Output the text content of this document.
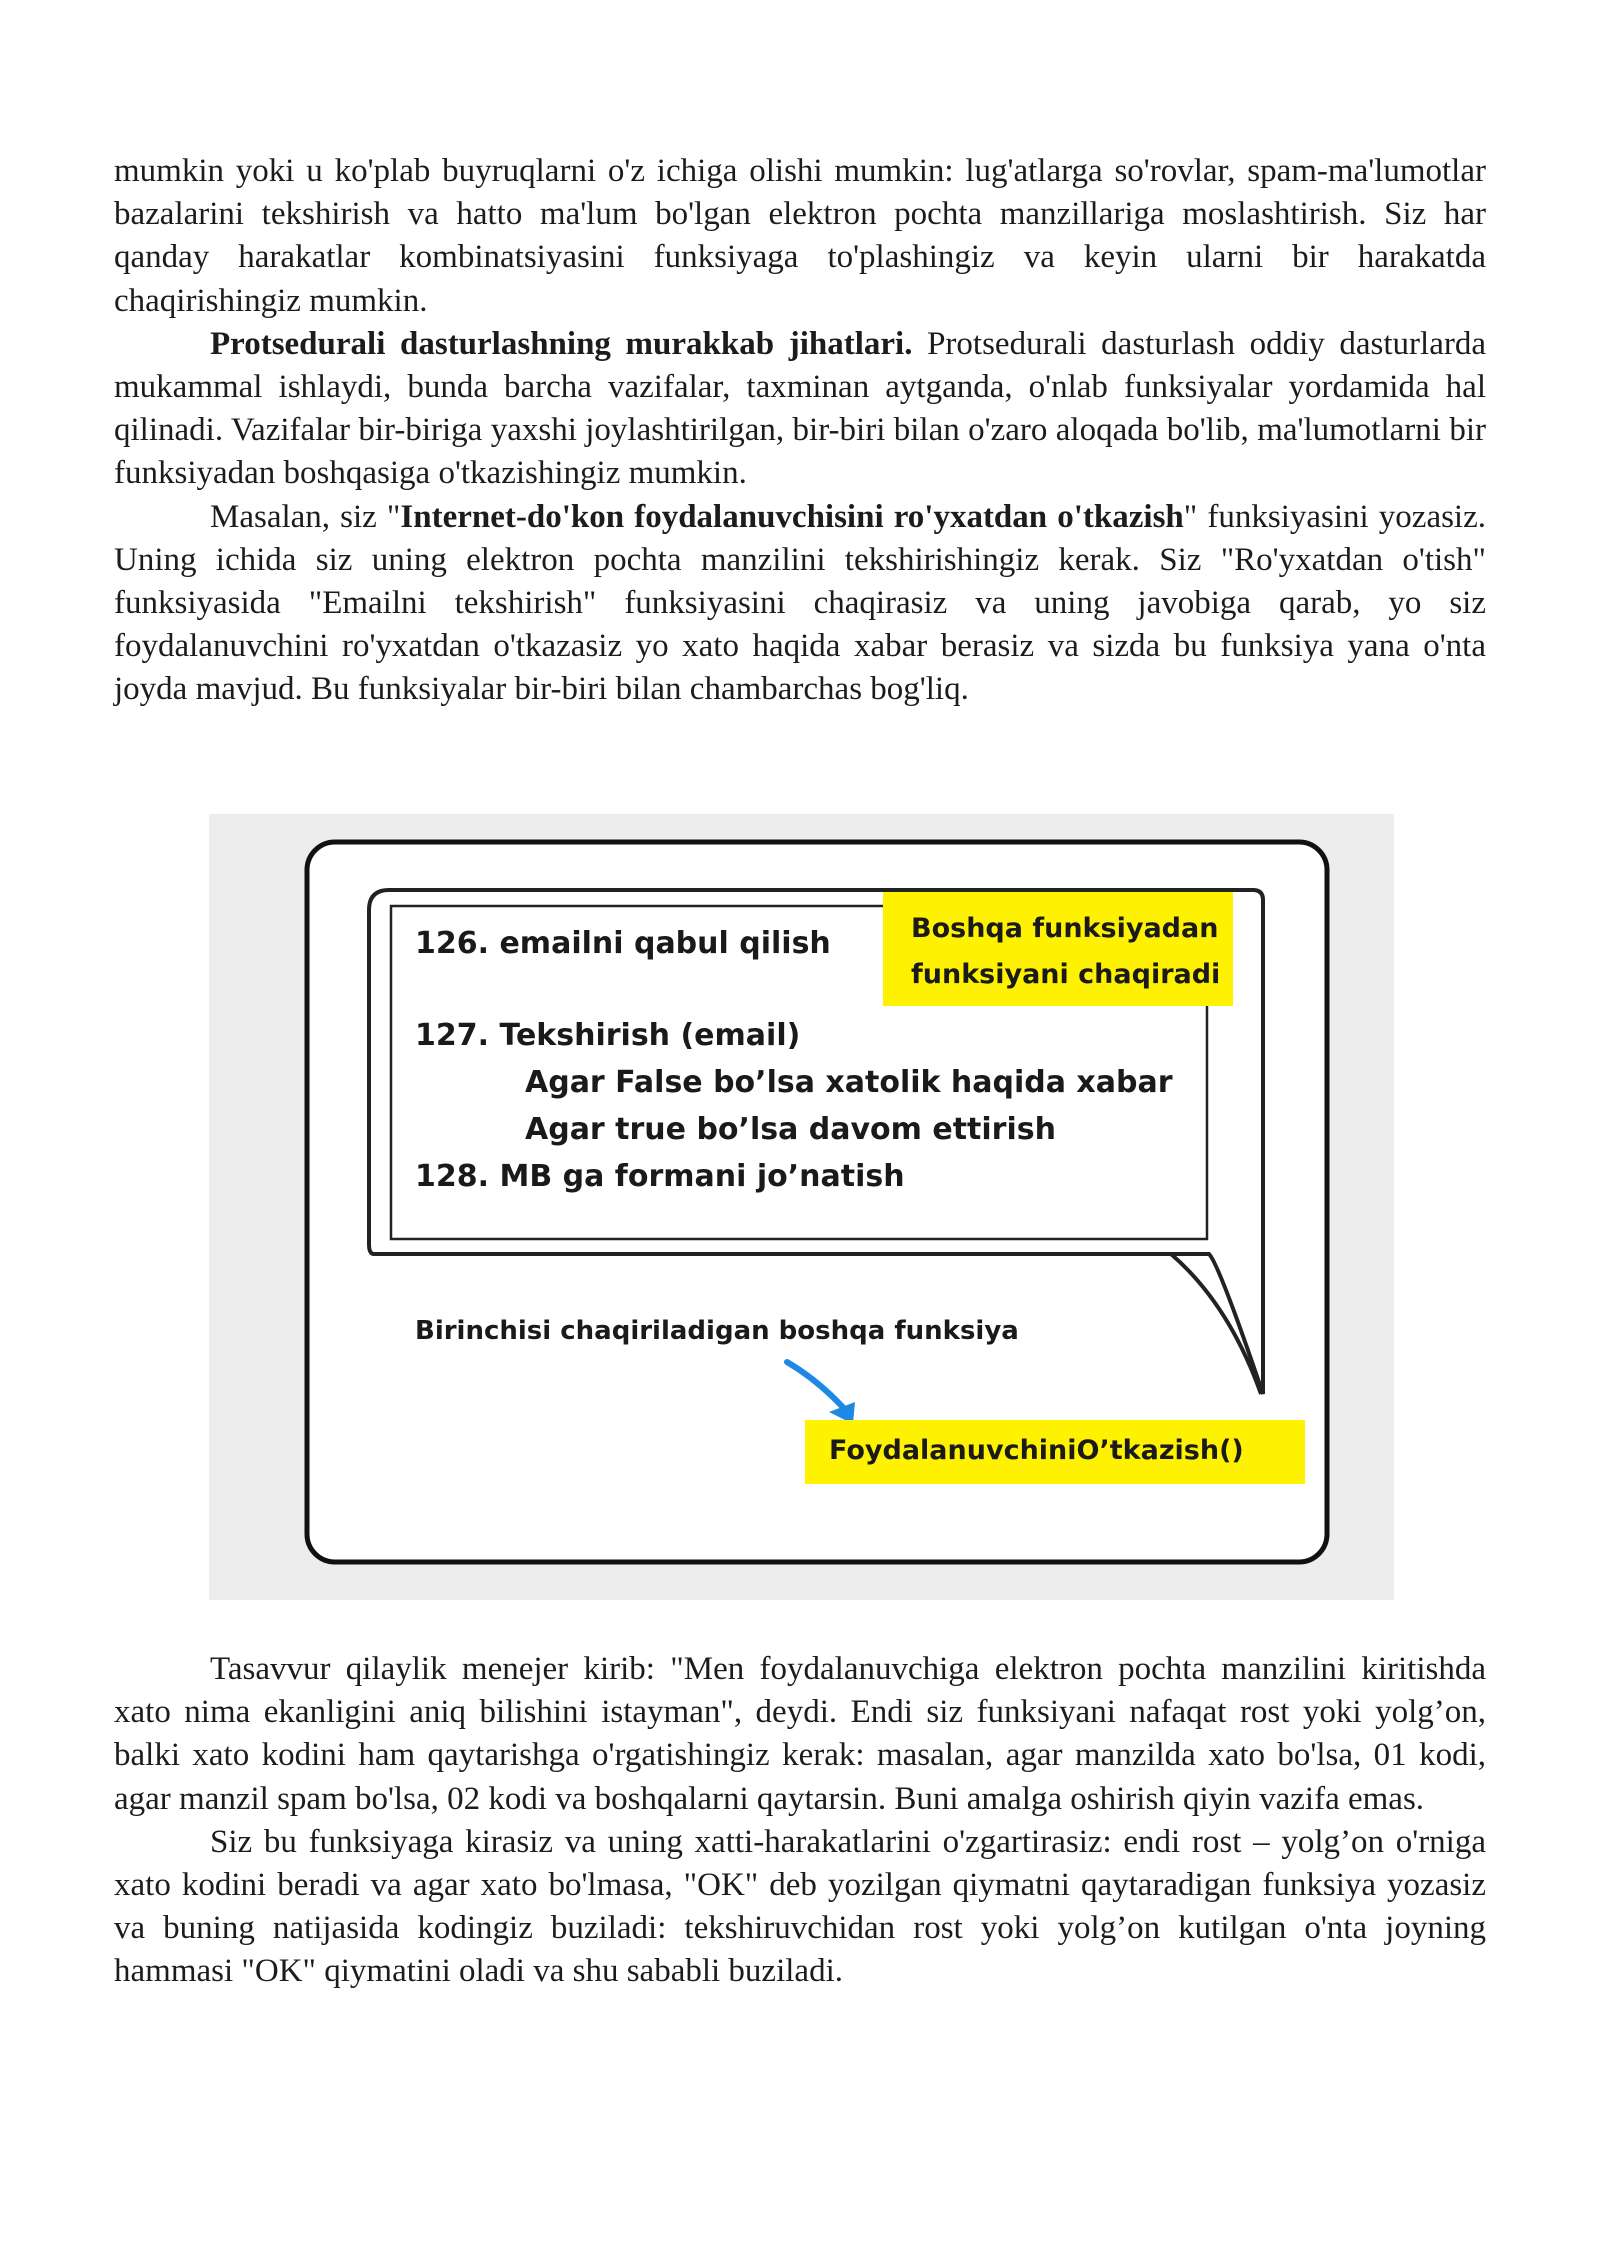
mumkin yoki u ko'plab buyruqlarni o'z ichiga olishi mumkin: lug'atlarga so'rovlar, spam-ma'lumotlar bazalarini tekshirish va hatto ma'lum bo'lgan elektron pochta manzillariga moslashtirish. Siz har qanday harakatlar kombinatsiyasini funksiyaga to'plashingiz va keyin ularni bir harakatda chaqirishingiz mumkin.

Protsedurali dasturlashning murakkab jihatlari. Protsedurali dasturlash oddiy dasturlarda mukammal ishlaydi, bunda barcha vazifalar, taxminan aytganda, o'nlab funksiyalar yordamida hal qilinadi. Vazifalar bir-biriga yaxshi joylashtirilgan, bir-biri bilan o'zaro aloqada bo'lib, ma'lumotlarni bir funksiyadan boshqasiga o'tkazishingiz mumkin.

Masalan, siz "Internet-do'kon foydalanuvchisini ro'yxatdan o'tkazish" funksiyasini yozasiz. Uning ichida siz uning elektron pochta manzilini tekshirishingiz kerak. Siz "Ro'yxatdan o'tish" funksiyasida "Emailni tekshirish" funksiyasini chaqirasiz va uning javobiga qarab, yo siz foydalanuvchini ro'yxatdan o'tkazasiz yo xato haqida xabar berasiz va sizda bu funksiya yana o'nta joyda mavjud. Bu funksiyalar bir-biri bilan chambarchas bog'liq.

126. emailni qabul qilish
127. Tekshirish (email)
Agar False bo’lsa xatolik haqida xabar
Agar true bo’lsa davom ettirish
128. MB ga formani jo’natish
Boshqa funksiyadan
funksiyani chaqiradi
Birinchisi chaqiriladigan boshqa funksiya
FoydalanuvchiniO’tkazish()

Tasavvur qilaylik menejer kirib: "Men foydalanuvchiga elektron pochta manzilini kiritishda xato nima ekanligini aniq bilishini istayman", deydi. Endi siz funksiyani nafaqat rost yoki yolg’on, balki xato kodini ham qaytarishga o'rgatishingiz kerak: masalan, agar manzilda xato bo'lsa, 01 kodi, agar manzil spam bo'lsa, 02 kodi va boshqalarni qaytarsin. Buni amalga oshirish qiyin vazifa emas.

Siz bu funksiyaga kirasiz va uning xatti-harakatlarini o'zgartirasiz: endi rost – yolg’on o'rniga xato kodini beradi va agar xato bo'lmasa, "OK" deb yozilgan qiymatni qaytaradigan funksiya yozasiz va buning natijasida kodingiz buziladi: tekshiruvchidan rost yoki yolg’on kutilgan o'nta joyning hammasi "OK" qiymatini oladi va shu sababli buziladi.
